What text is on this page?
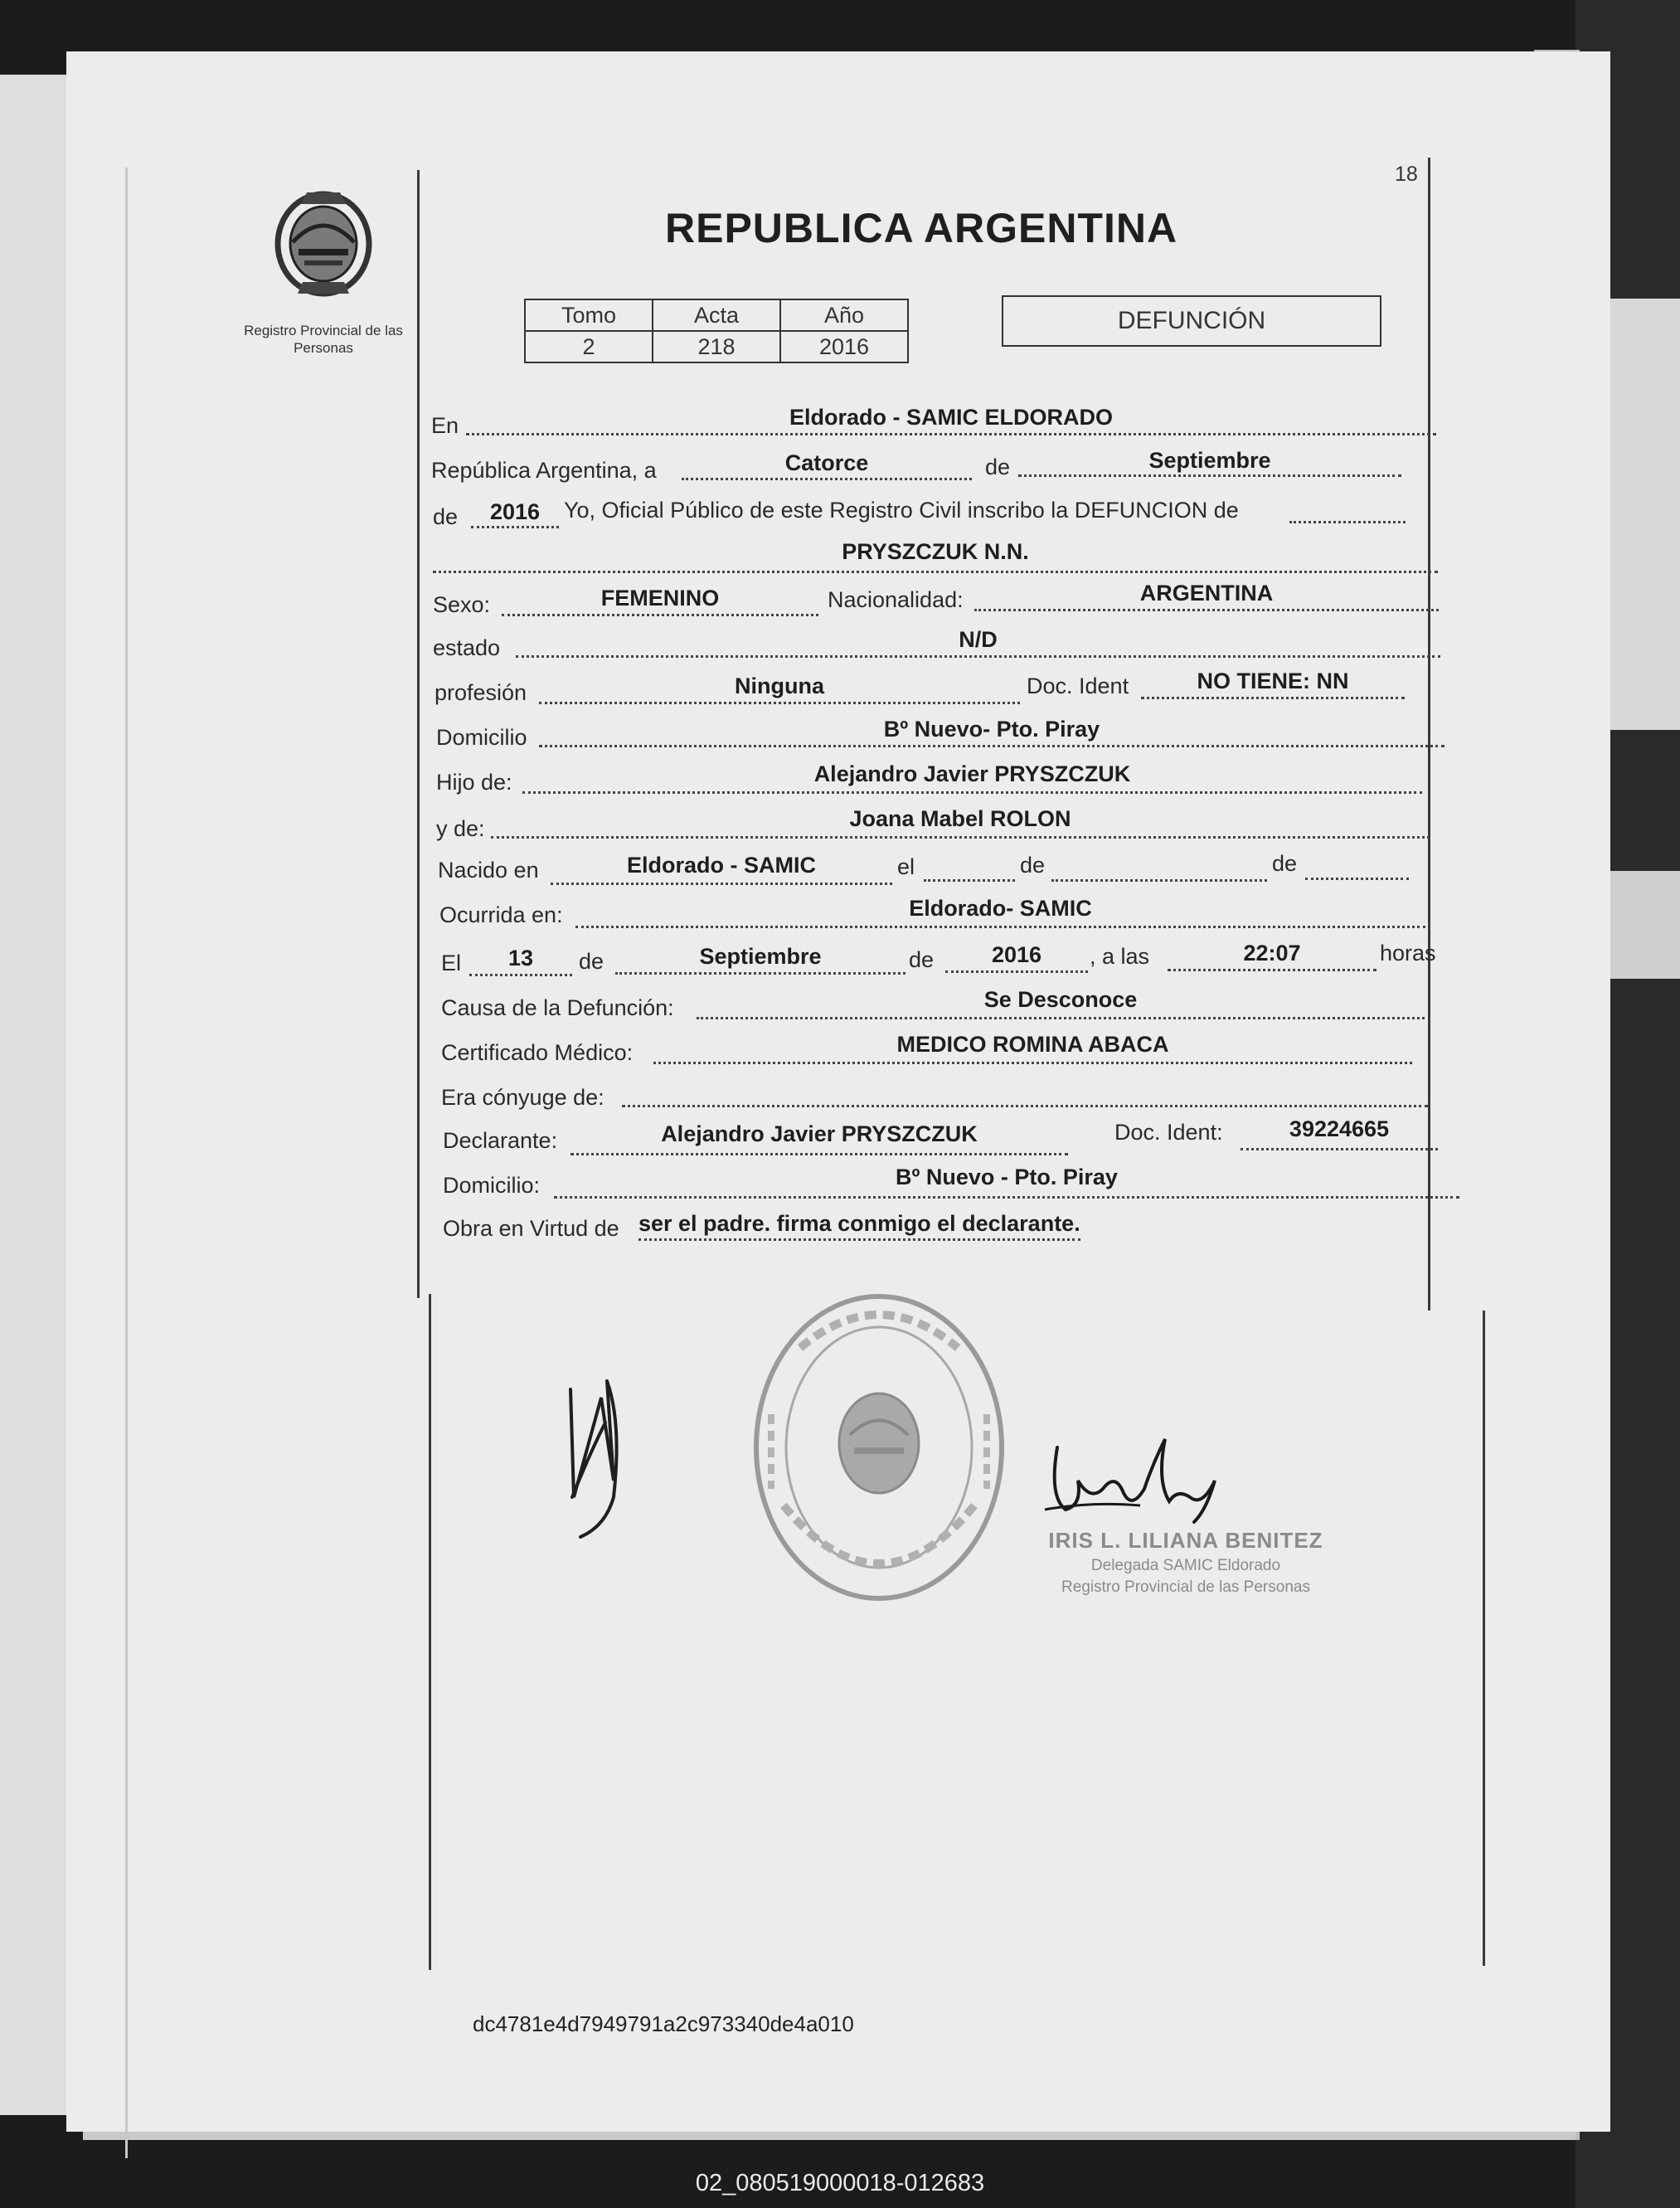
18
Registro Provincial de las Personas
REPUBLICA ARGENTINA
Tomo	Acta	Año
2	218	2016
DEFUNCIÓN
En	Eldorado - SAMIC ELDORADO
República Argentina, a	Catorce	de	Septiembre
de	2016	Yo, Oficial Público de este Registro Civil inscribo la DEFUNCION de
PRYSZCZUK N.N.
Sexo:	FEMENINO	Nacionalidad:	ARGENTINA
estado	N/D
profesión	Ninguna	Doc. Ident	NO TIENE: NN
Domicilio	Bº Nuevo- Pto. Piray
Hijo de:	Alejandro Javier PRYSZCZUK
y de:	Joana Mabel ROLON
Nacido en	Eldorado - SAMIC	el	de	de
Ocurrida en:	Eldorado- SAMIC
El	13	de	Septiembre	de	2016	, a las	22:07	horas
Causa de la Defunción:	Se Desconoce
Certificado Médico:	MEDICO ROMINA ABACA
Era cónyuge de:
Declarante:	Alejandro Javier PRYSZCZUK	Doc. Ident:	39224665
Domicilio:	Bº Nuevo - Pto. Piray
Obra en Virtud de ser el padre. firma conmigo el declarante.
IRIS L. LILIANA BENITEZ
Delegada SAMIC Eldorado
Registro Provincial de las Personas
dc4781e4d7949791a2c973340de4a010
02_080519000018-012683
